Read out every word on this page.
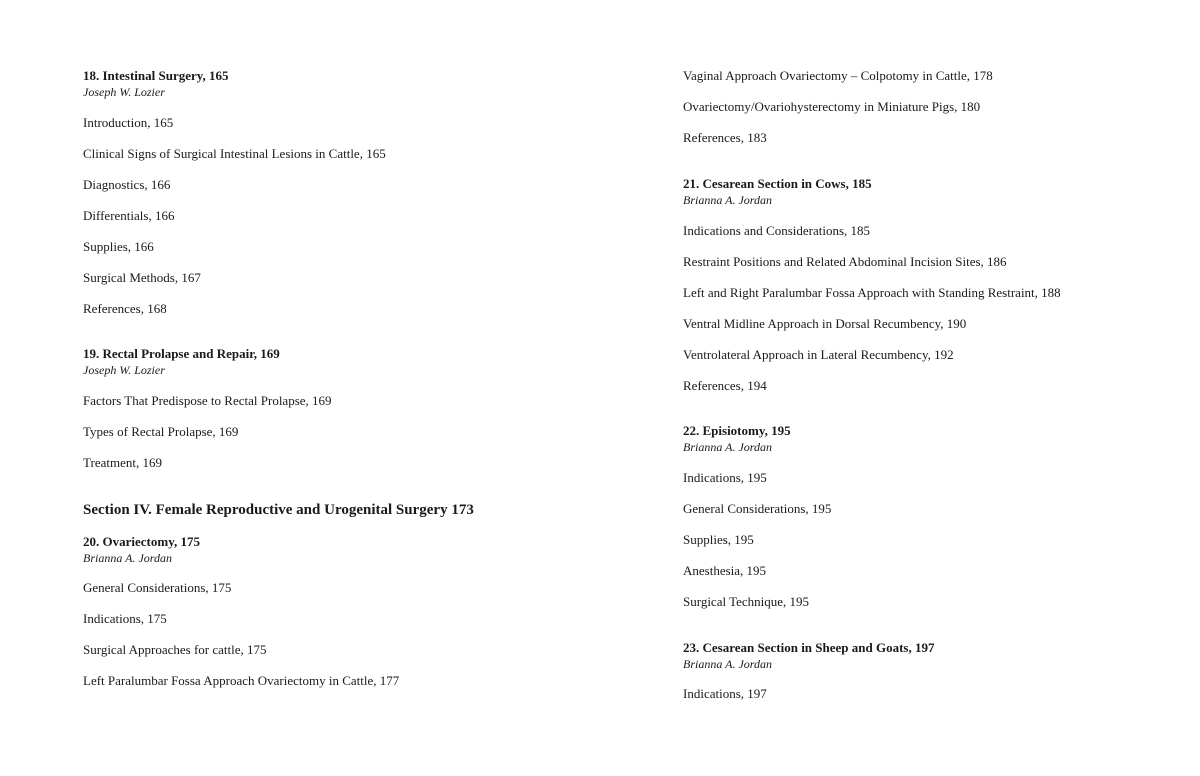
18. Intestinal Surgery, 165
Joseph W. Lozier
Introduction, 165
Clinical Signs of Surgical Intestinal Lesions in Cattle, 165
Diagnostics, 166
Differentials, 166
Supplies, 166
Surgical Methods, 167
References, 168
19. Rectal Prolapse and Repair, 169
Joseph W. Lozier
Factors That Predispose to Rectal Prolapse, 169
Types of Rectal Prolapse, 169
Treatment, 169
Section IV. Female Reproductive and Urogenital Surgery 173
20. Ovariectomy, 175
Brianna A. Jordan
General Considerations, 175
Indications, 175
Surgical Approaches for cattle, 175
Left Paralumbar Fossa Approach Ovariectomy in Cattle, 177
Vaginal Approach Ovariectomy – Colpotomy in Cattle, 178
Ovariectomy/Ovariohysterectomy in Miniature Pigs, 180
References, 183
21. Cesarean Section in Cows, 185
Brianna A. Jordan
Indications and Considerations, 185
Restraint Positions and Related Abdominal Incision Sites, 186
Left and Right Paralumbar Fossa Approach with Standing Restraint, 188
Ventral Midline Approach in Dorsal Recumbency, 190
Ventrolateral Approach in Lateral Recumbency, 192
References, 194
22. Episiotomy, 195
Brianna A. Jordan
Indications, 195
General Considerations, 195
Supplies, 195
Anesthesia, 195
Surgical Technique, 195
23. Cesarean Section in Sheep and Goats, 197
Brianna A. Jordan
Indications, 197
